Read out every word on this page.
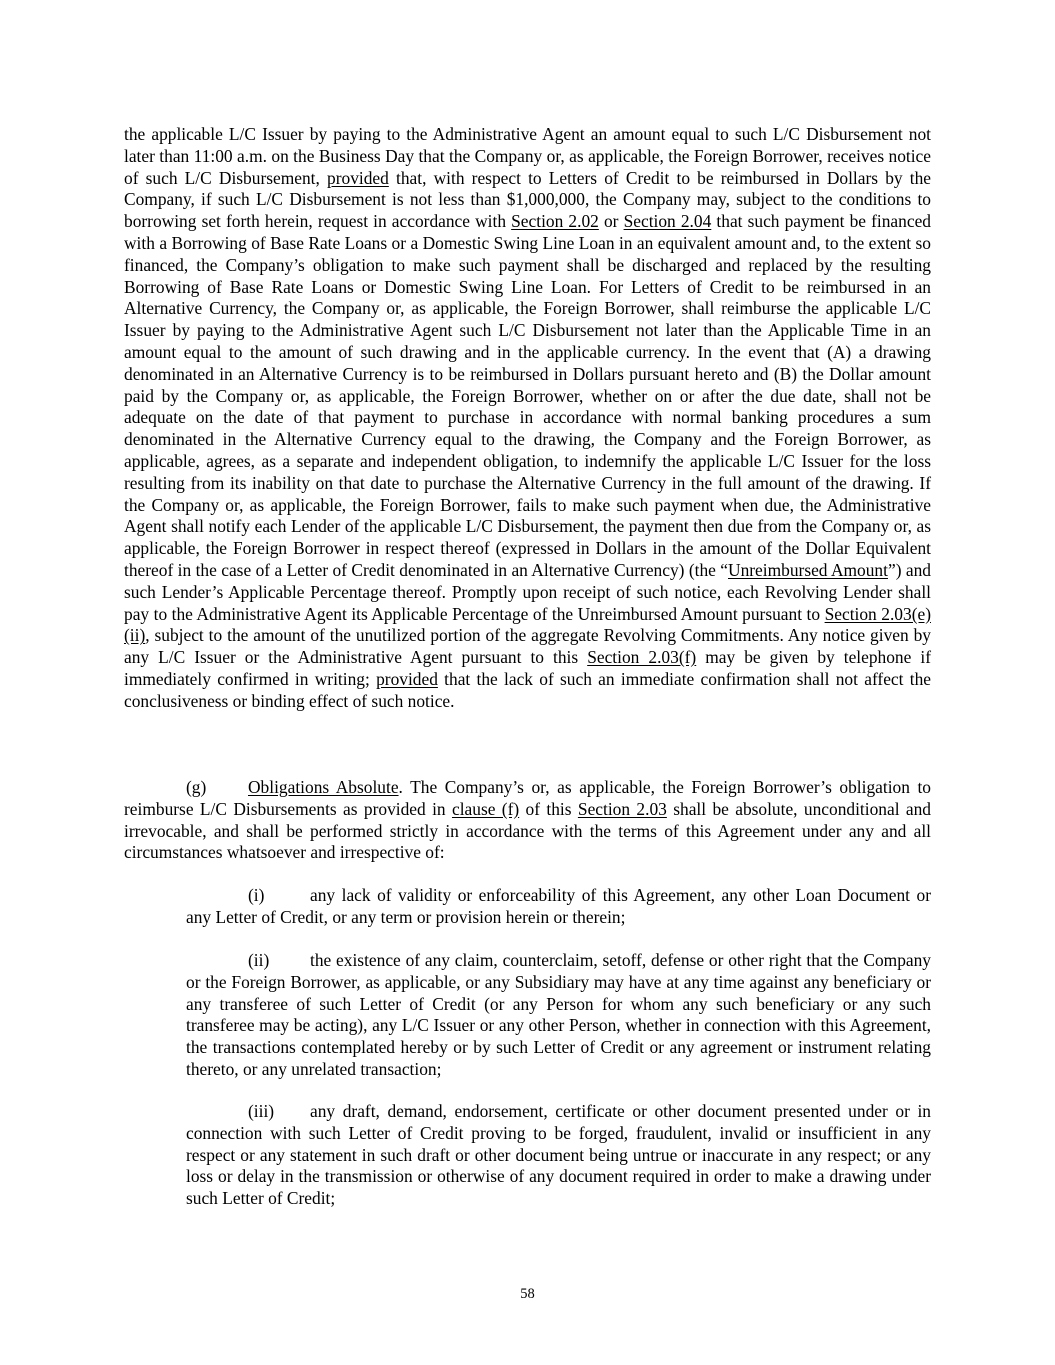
the applicable L/C Issuer by paying to the Administrative Agent an amount equal to such L/C Disbursement not later than 11:00 a.m. on the Business Day that the Company or, as applicable, the Foreign Borrower, receives notice of such L/C Disbursement, provided that, with respect to Letters of Credit to be reimbursed in Dollars by the Company, if such L/C Disbursement is not less than $1,000,000, the Company may, subject to the conditions to borrowing set forth herein, request in accordance with Section 2.02 or Section 2.04 that such payment be financed with a Borrowing of Base Rate Loans or a Domestic Swing Line Loan in an equivalent amount and, to the extent so financed, the Company’s obligation to make such payment shall be discharged and replaced by the resulting Borrowing of Base Rate Loans or Domestic Swing Line Loan. For Letters of Credit to be reimbursed in an Alternative Currency, the Company or, as applicable, the Foreign Borrower, shall reimburse the applicable L/C Issuer by paying to the Administrative Agent such L/C Disbursement not later than the Applicable Time in an amount equal to the amount of such drawing and in the applicable currency. In the event that (A) a drawing denominated in an Alternative Currency is to be reimbursed in Dollars pursuant hereto and (B) the Dollar amount paid by the Company or, as applicable, the Foreign Borrower, whether on or after the due date, shall not be adequate on the date of that payment to purchase in accordance with normal banking procedures a sum denominated in the Alternative Currency equal to the drawing, the Company and the Foreign Borrower, as applicable, agrees, as a separate and independent obligation, to indemnify the applicable L/C Issuer for the loss resulting from its inability on that date to purchase the Alternative Currency in the full amount of the drawing. If the Company or, as applicable, the Foreign Borrower, fails to make such payment when due, the Administrative Agent shall notify each Lender of the applicable L/C Disbursement, the payment then due from the Company or, as applicable, the Foreign Borrower in respect thereof (expressed in Dollars in the amount of the Dollar Equivalent thereof in the case of a Letter of Credit denominated in an Alternative Currency) (the “Unreimbursed Amount”) and such Lender’s Applicable Percentage thereof. Promptly upon receipt of such notice, each Revolving Lender shall pay to the Administrative Agent its Applicable Percentage of the Unreimbursed Amount pursuant to Section 2.03(e)(ii), subject to the amount of the unutilized portion of the aggregate Revolving Commitments. Any notice given by any L/C Issuer or the Administrative Agent pursuant to this Section 2.03(f) may be given by telephone if immediately confirmed in writing; provided that the lack of such an immediate confirmation shall not affect the conclusiveness or binding effect of such notice.

(g) Obligations Absolute. The Company’s or, as applicable, the Foreign Borrower’s obligation to reimburse L/C Disbursements as provided in clause (f) of this Section 2.03 shall be absolute, unconditional and irrevocable, and shall be performed strictly in accordance with the terms of this Agreement under any and all circumstances whatsoever and irrespective of:

(i)	any lack of validity or enforceability of this Agreement, any other Loan Document or any Letter of Credit, or any term or provision herein or therein;

(ii) the existence of any claim, counterclaim, setoff, defense or other right that the Company or the Foreign Borrower, as applicable, or any Subsidiary may have at any time against any beneficiary or any transferee of such Letter of Credit (or any Person for whom any such beneficiary or any such transferee may be acting), any L/C Issuer or any other Person, whether in connection with this Agreement, the transactions contemplated hereby or by such Letter of Credit or any agreement or instrument relating thereto, or any unrelated transaction;

(iii) any draft, demand, endorsement, certificate or other document presented under or in connection with such Letter of Credit proving to be forged, fraudulent, invalid or insufficient in any respect or any statement in such draft or other document being untrue or inaccurate in any respect; or any loss or delay in the transmission or otherwise of any document required in order to make a drawing under such Letter of Credit;

58
